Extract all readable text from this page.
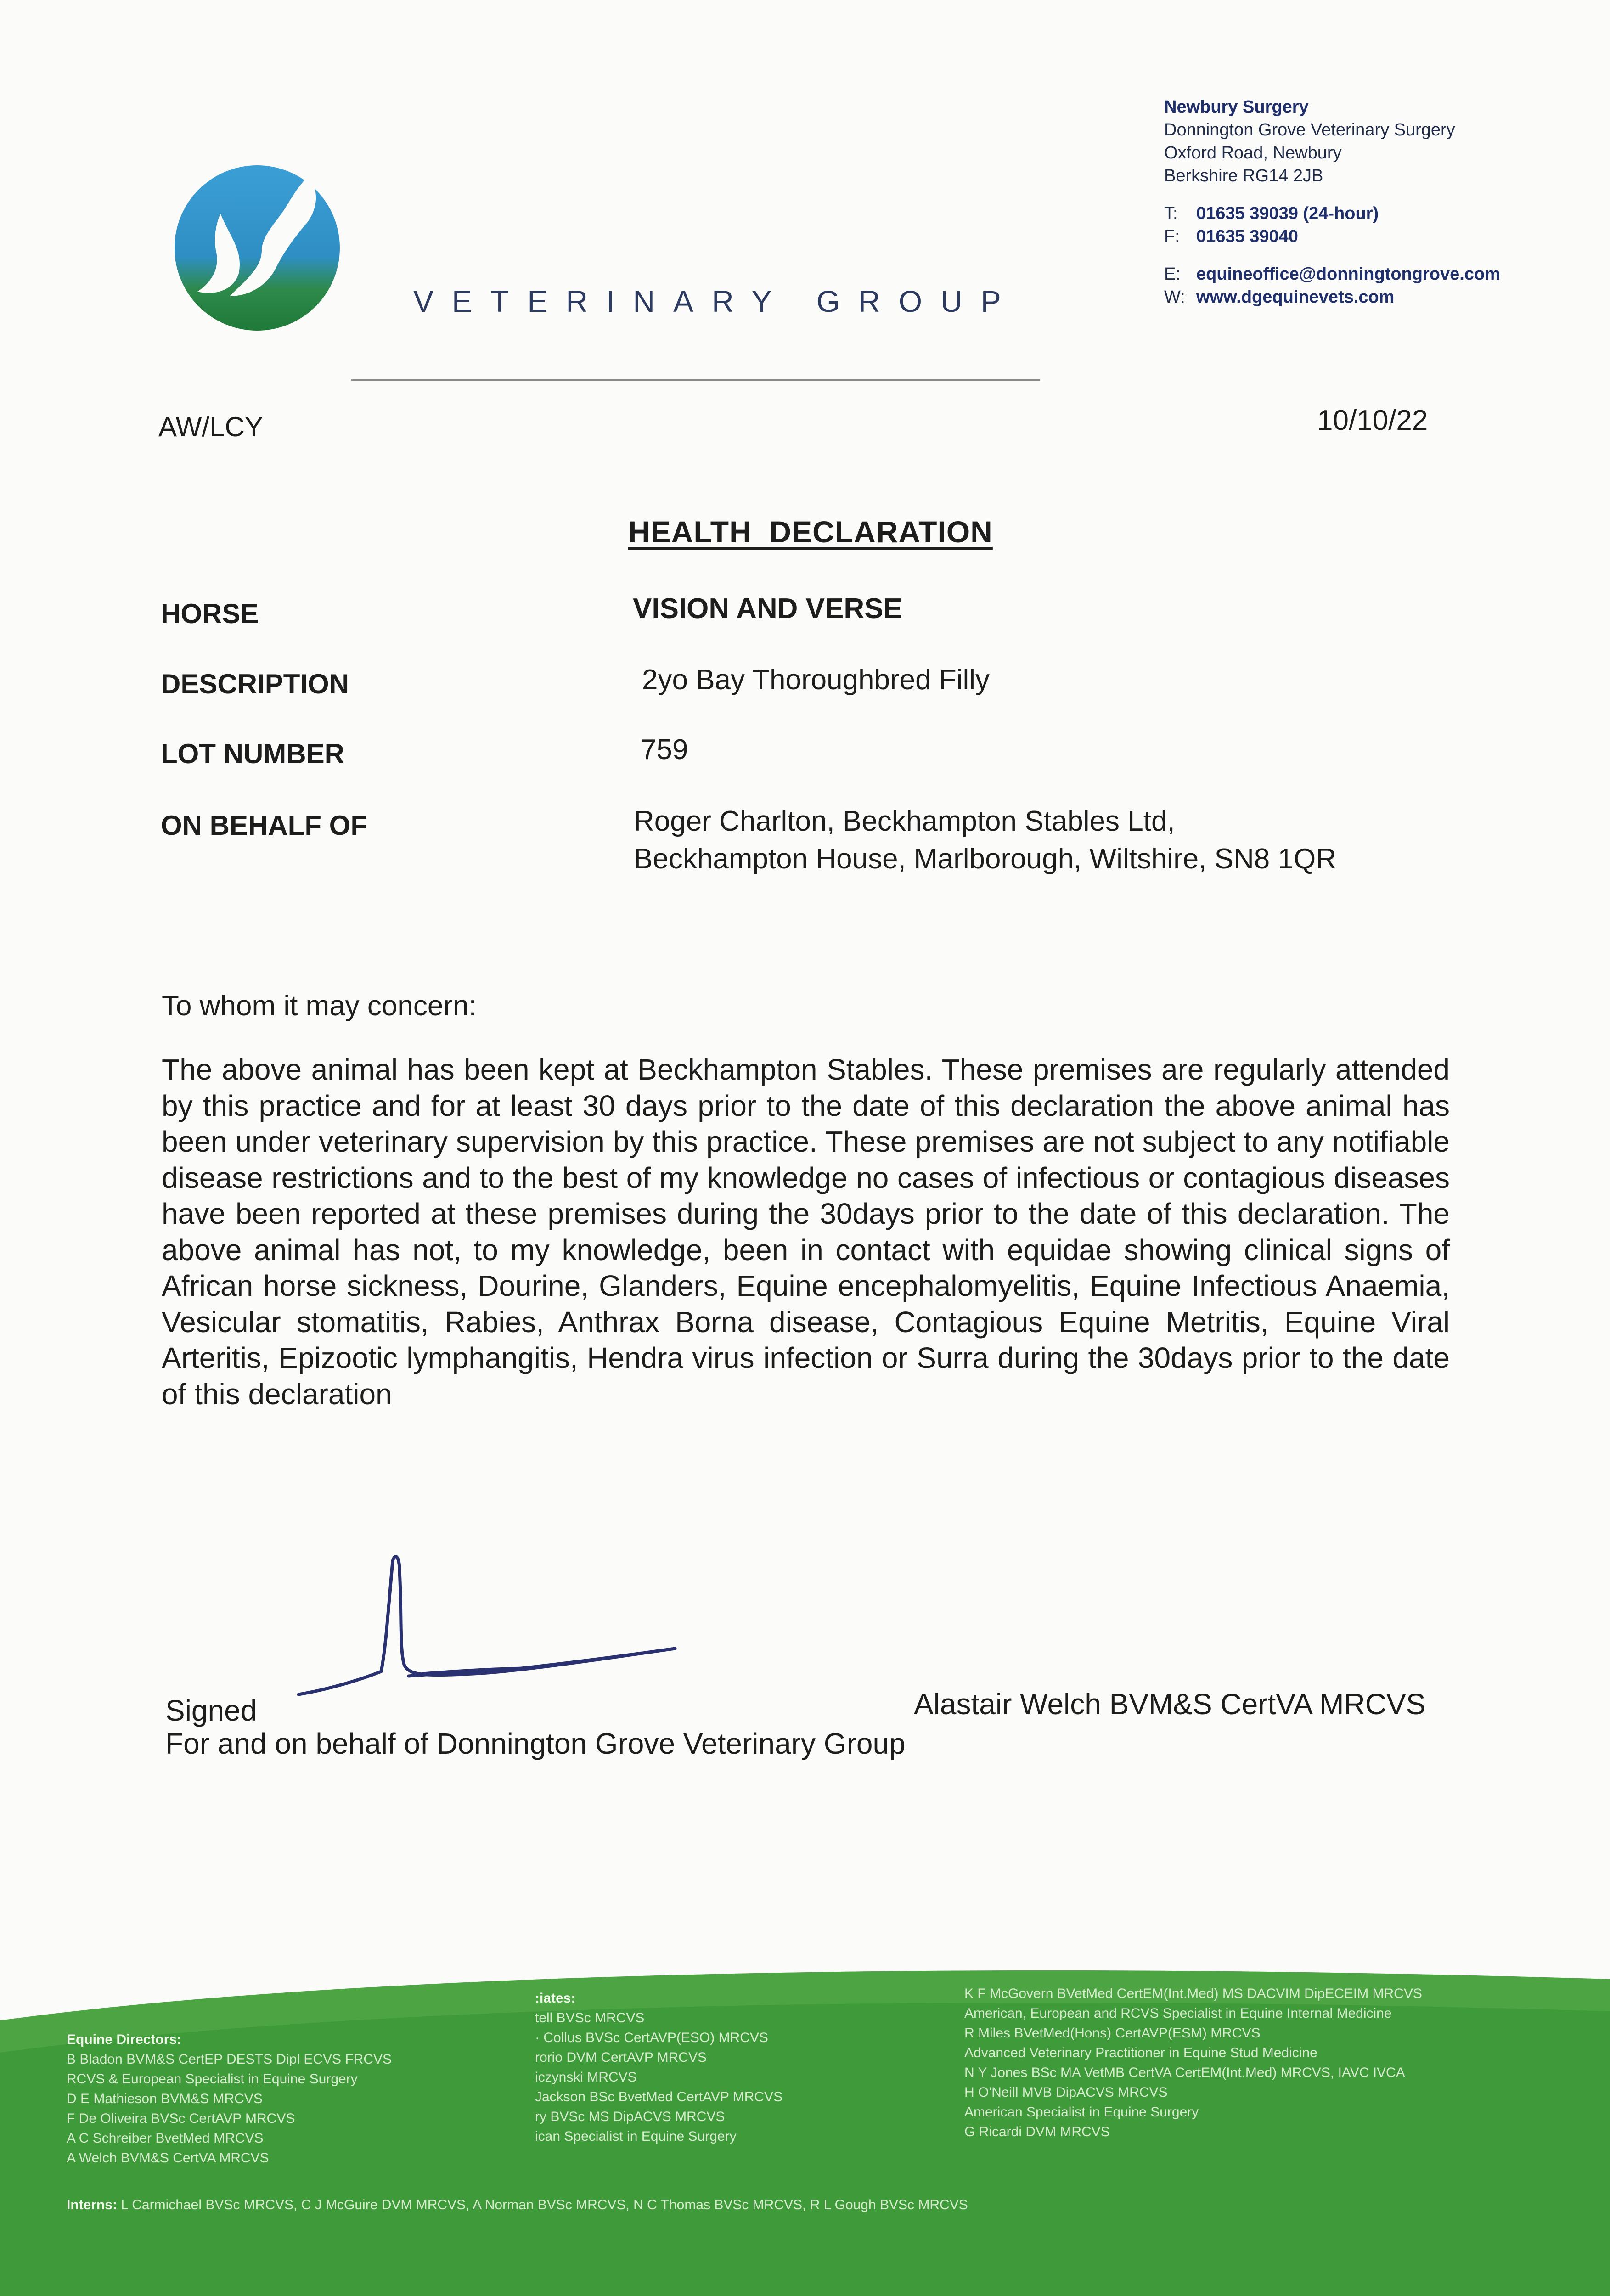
VETERINARY GROUP
Newbury Surgery
Donnington Grove Veterinary Surgery
Oxford Road, Newbury
Berkshire RG14 2JB
T: 01635 39039 (24-hour)
F: 01635 39040
E: equineoffice@donningtongrove.com
W: www.dgequinevets.com
AW/LCY	10/10/22
HEALTH  DECLARATION
HORSE	VISION AND VERSE
DESCRIPTION	2yo Bay Thoroughbred Filly
LOT NUMBER	759
ON BEHALF OF	Roger Charlton, Beckhampton Stables Ltd,
Beckhampton House, Marlborough, Wiltshire, SN8 1QR
To whom it may concern:
The above animal has been kept at Beckhampton Stables. These premises are regularly attended by this practice and for at least 30 days prior to the date of this declaration the above animal has been under veterinary supervision by this practice. These premises are not subject to any notifiable disease restrictions and to the best of my knowledge no cases of infectious or contagious diseases have been reported at these premises during the 30days prior to the date of this declaration. The above animal has not, to my knowledge, been in contact with equidae showing clinical signs of African horse sickness, Dourine, Glanders, Equine encephalomyelitis, Equine Infectious Anaemia, Vesicular stomatitis, Rabies, Anthrax Borna disease, Contagious Equine Metritis, Equine Viral Arteritis, Epizootic lymphangitis, Hendra virus infection or Surra during the 30days prior to the date of this declaration
Signed	Alastair Welch BVM&S CertVA MRCVS
For and on behalf of Donnington Grove Veterinary Group
Equine Directors:
B Bladon BVM&S CertEP DESTS Dipl ECVS FRCVS
RCVS & European Specialist in Equine Surgery
D E Mathieson BVM&S MRCVS
F De Oliveira BVSc CertAVP MRCVS
A C Schreiber BvetMed MRCVS
A Welch BVM&S CertVA MRCVS
:iates:
tell BVSc MRCVS
· Collus BVSc CertAVP(ESO) MRCVS
rorio DVM CertAVP MRCVS
iczynski MRCVS
Jackson BSc BvetMed CertAVP MRCVS
ry BVSc MS DipACVS MRCVS
ican Specialist in Equine Surgery
K F McGovern BVetMed CertEM(Int.Med) MS DACVIM DipECEIM MRCVS
American, European and RCVS Specialist in Equine Internal Medicine
R Miles BVetMed(Hons) CertAVP(ESM) MRCVS
Advanced Veterinary Practitioner in Equine Stud Medicine
N Y Jones BSc MA VetMB CertVA CertEM(Int.Med) MRCVS, IAVC IVCA
H O'Neill MVB DipACVS MRCVS
American Specialist in Equine Surgery
G Ricardi DVM MRCVS
Interns: L Carmichael BVSc MRCVS, C J McGuire DVM MRCVS, A Norman BVSc MRCVS, N C Thomas BVSc MRCVS, R L Gough BVSc MRCVS
